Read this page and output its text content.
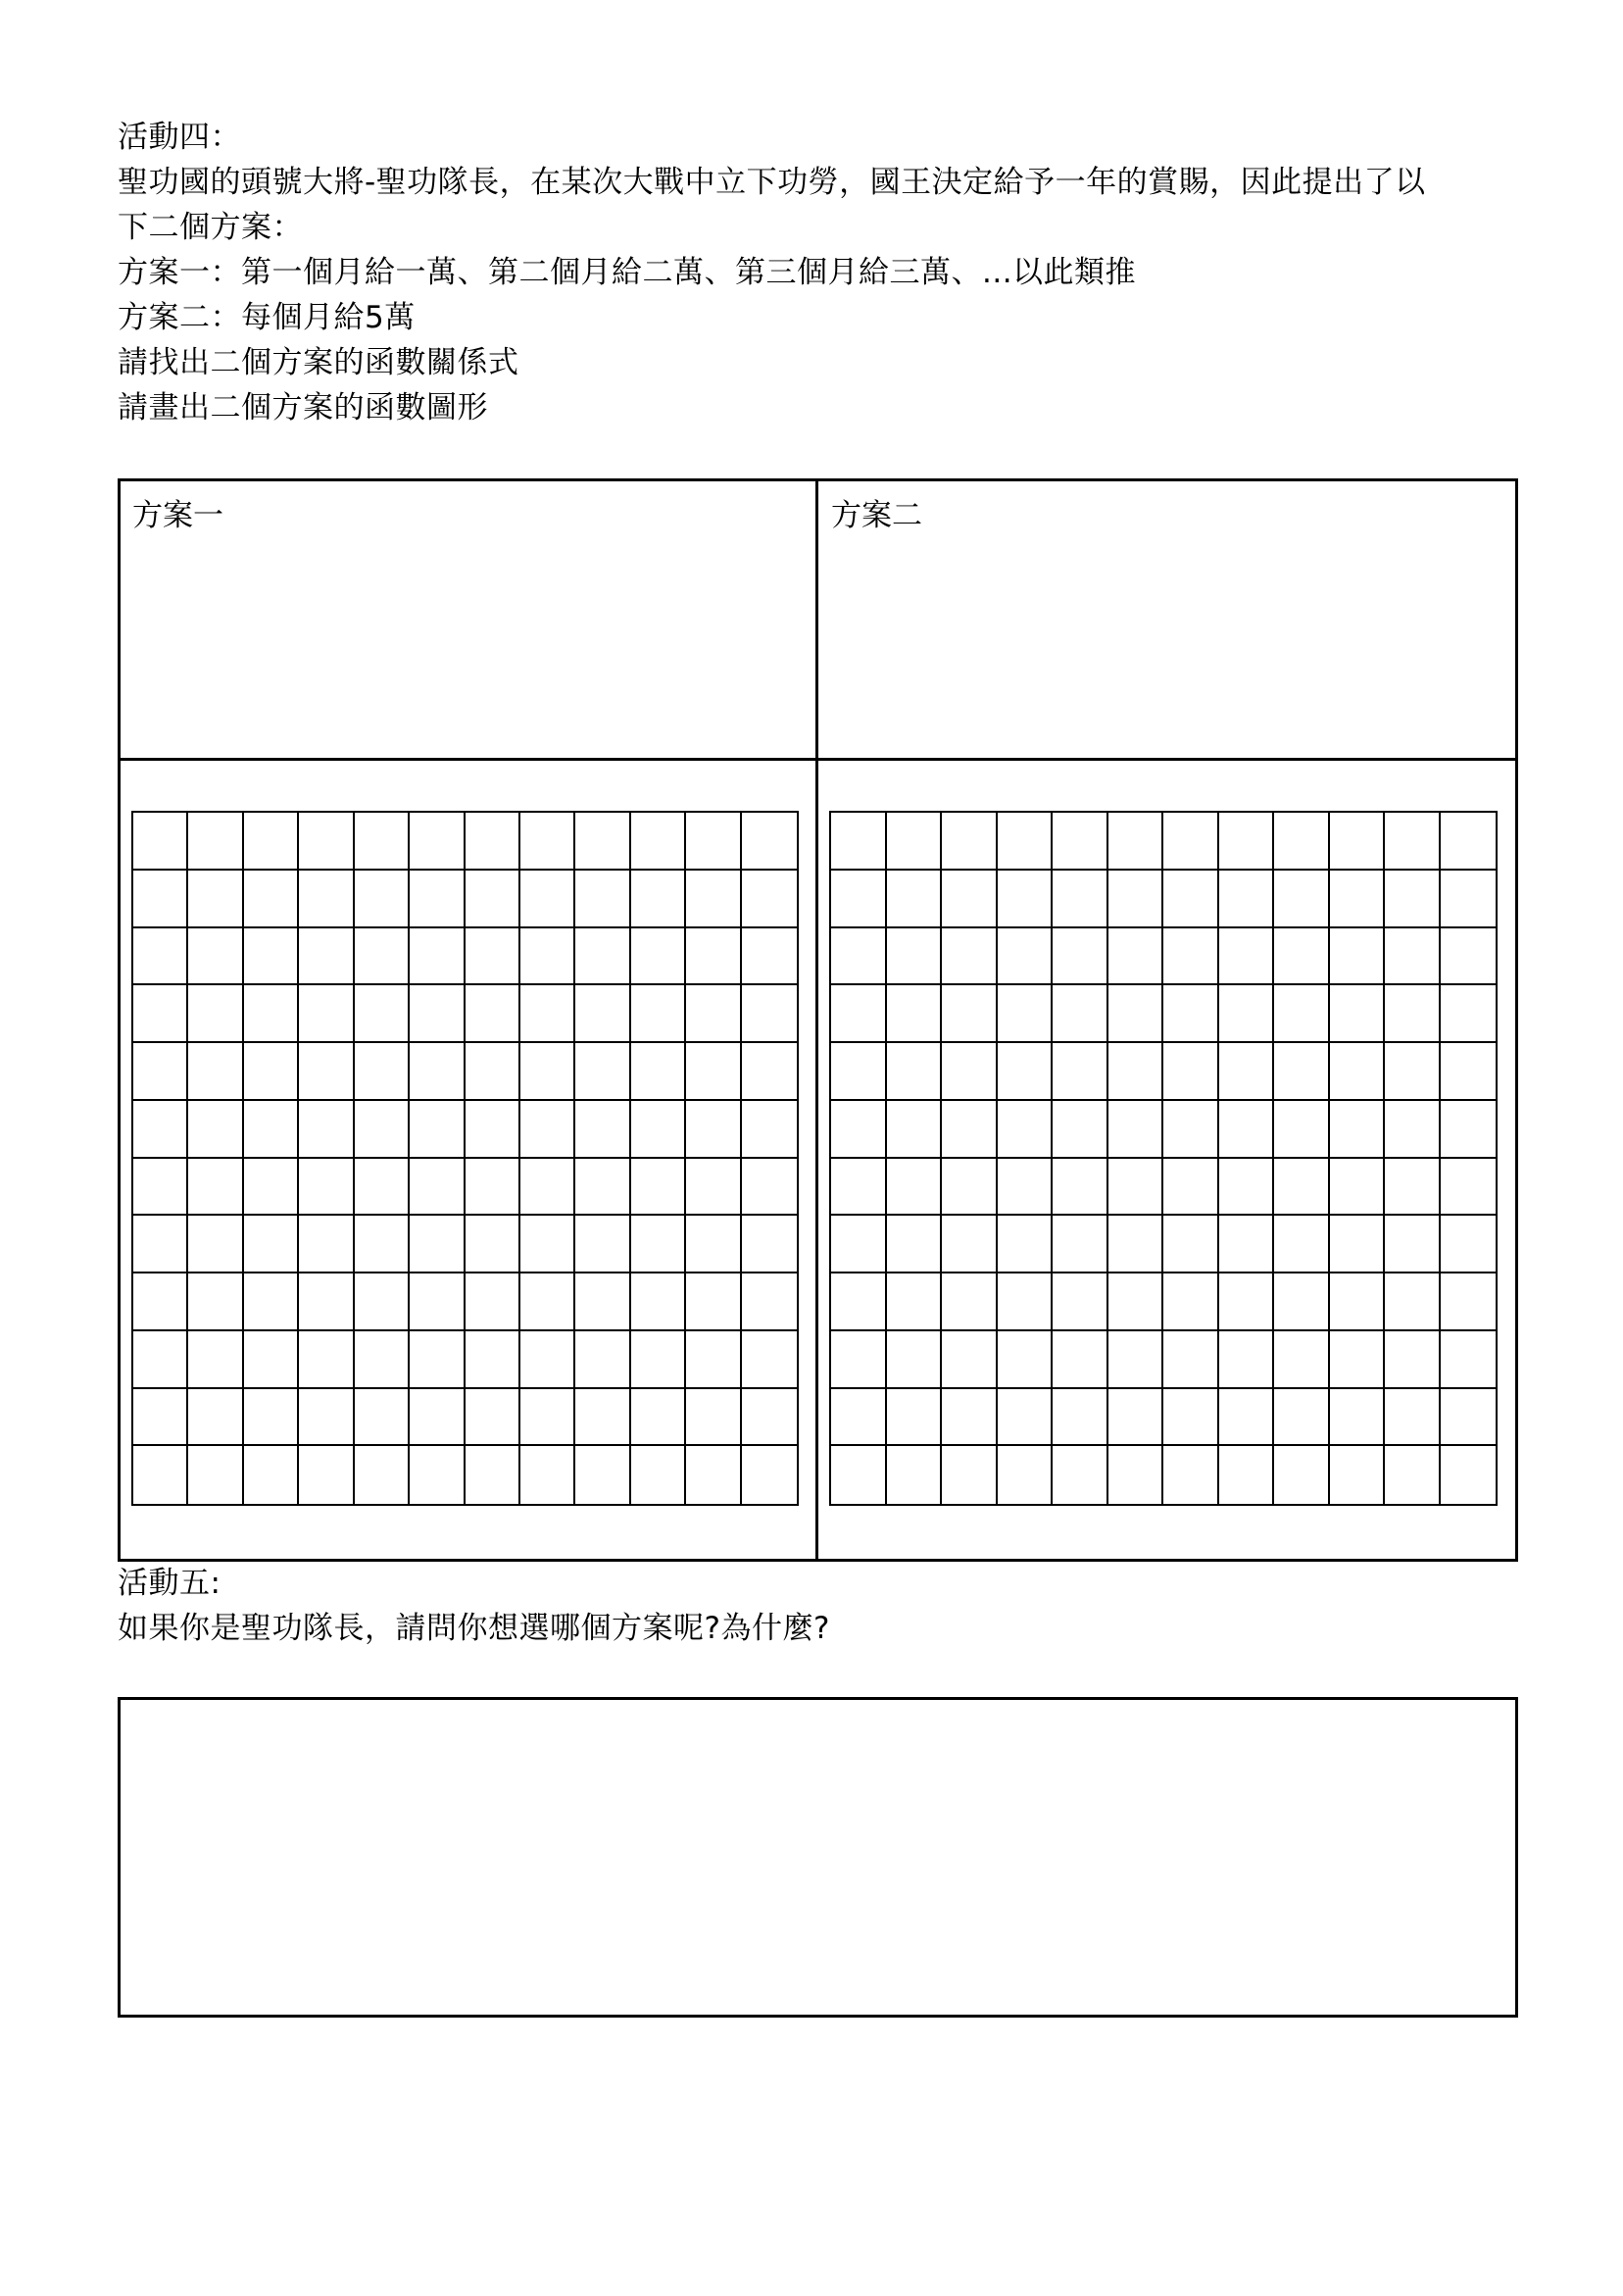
活動四：
聖功國的頭號大將-聖功隊長，在某次大戰中立下功勞，國王決定給予一年的賞賜，因此提出了以
下二個方案：
方案一：第一個月給一萬、第二個月給二萬、第三個月給三萬、...以此類推
方案二：每個月給5萬
請找出二個方案的函數關係式
請畫出二個方案的函數圖形
方案一	方案二
活動五:
如果你是聖功隊長，請問你想選哪個方案呢?為什麼?
